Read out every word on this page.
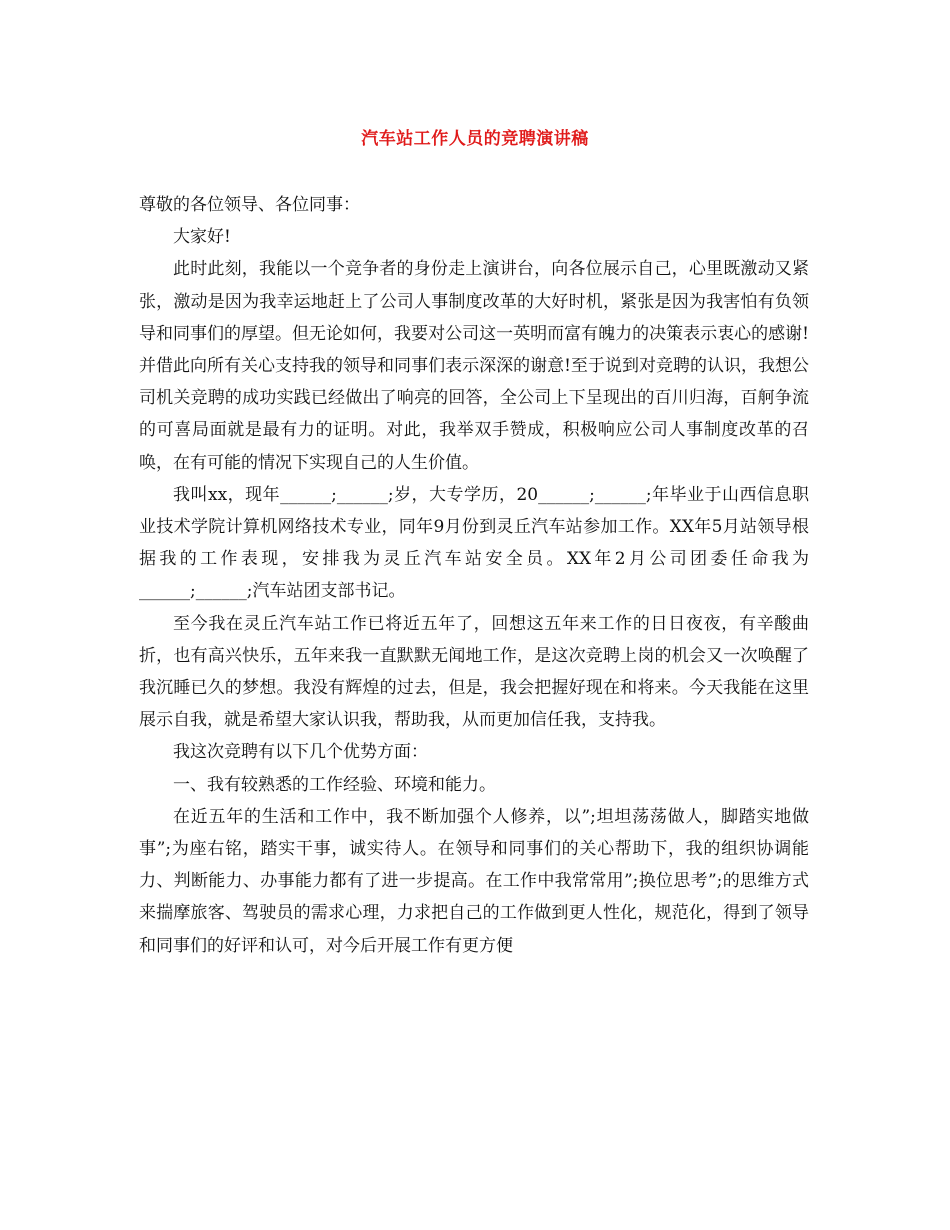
汽车站工作人员的竞聘演讲稿

尊敬的各位领导、各位同事：

大家好!

此时此刻，我能以一个竞争者的身份走上演讲台，向各位展示自己，心里既激动又紧张，激动是因为我幸运地赶上了公司人事制度改革的大好时机，紧张是因为我害怕有负领导和同事们的厚望。但无论如何，我要对公司这一英明而富有魄力的决策表示衷心的感谢!并借此向所有关心支持我的领导和同事们表示深深的谢意!至于说到对竞聘的认识，我想公司机关竞聘的成功实践已经做出了响亮的回答，全公司上下呈现出的百川归海，百舸争流的可喜局面就是最有力的证明。对此，我举双手赞成，积极响应公司人事制度改革的召唤，在有可能的情况下实现自己的人生价值。

我叫xx，现年______;______;岁，大专学历，20______;______;年毕业于山西信息职业技术学院计算机网络技术专业，同年9月份到灵丘汽车站参加工作。XX年5月站领导根据我的工作表现，安排我为灵丘汽车站安全员。XX年2月公司团委任命我为______;______;汽车站团支部书记。

至今我在灵丘汽车站工作已将近五年了，回想这五年来工作的日日夜夜，有辛酸曲折，也有高兴快乐，五年来我一直默默无闻地工作，是这次竞聘上岗的机会又一次唤醒了我沉睡已久的梦想。我没有辉煌的过去，但是，我会把握好现在和将来。今天我能在这里展示自我，就是希望大家认识我，帮助我，从而更加信任我，支持我。

我这次竞聘有以下几个优势方面：

一、我有较熟悉的工作经验、环境和能力。

在近五年的生活和工作中，我不断加强个人修养，以”;坦坦荡荡做人，脚踏实地做事”;为座右铭，踏实干事，诚实待人。在领导和同事们的关心帮助下，我的组织协调能力、判断能力、办事能力都有了进一步提高。在工作中我常常用”;换位思考”;的思维方式来揣摩旅客、驾驶员的需求心理，力求把自己的工作做到更人性化，规范化，得到了领导和同事们的好评和认可，对今后开展工作有更方便
